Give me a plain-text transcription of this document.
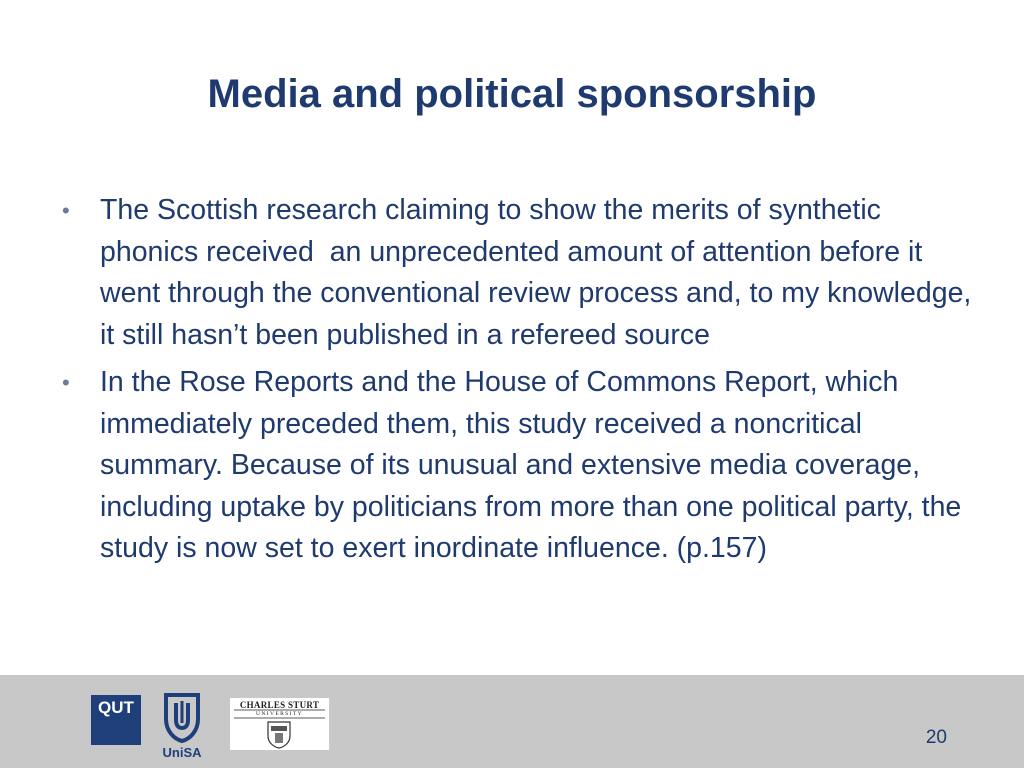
Media and political sponsorship
• The Scottish research claiming to show the merits of synthetic phonics received  an unprecedented amount of attention before it went through the conventional review process and, to my knowledge, it still hasn’t been published in a refereed source
• In the Rose Reports and the House of Commons Report, which immediately preceded them, this study received a noncritical summary. Because of its unusual and extensive media coverage, including uptake by politicians from more than one political party, the study is now set to exert inordinate influence. (p.157)
QUT
UniSA
CHARLES STURT
UNIVERSITY
20
